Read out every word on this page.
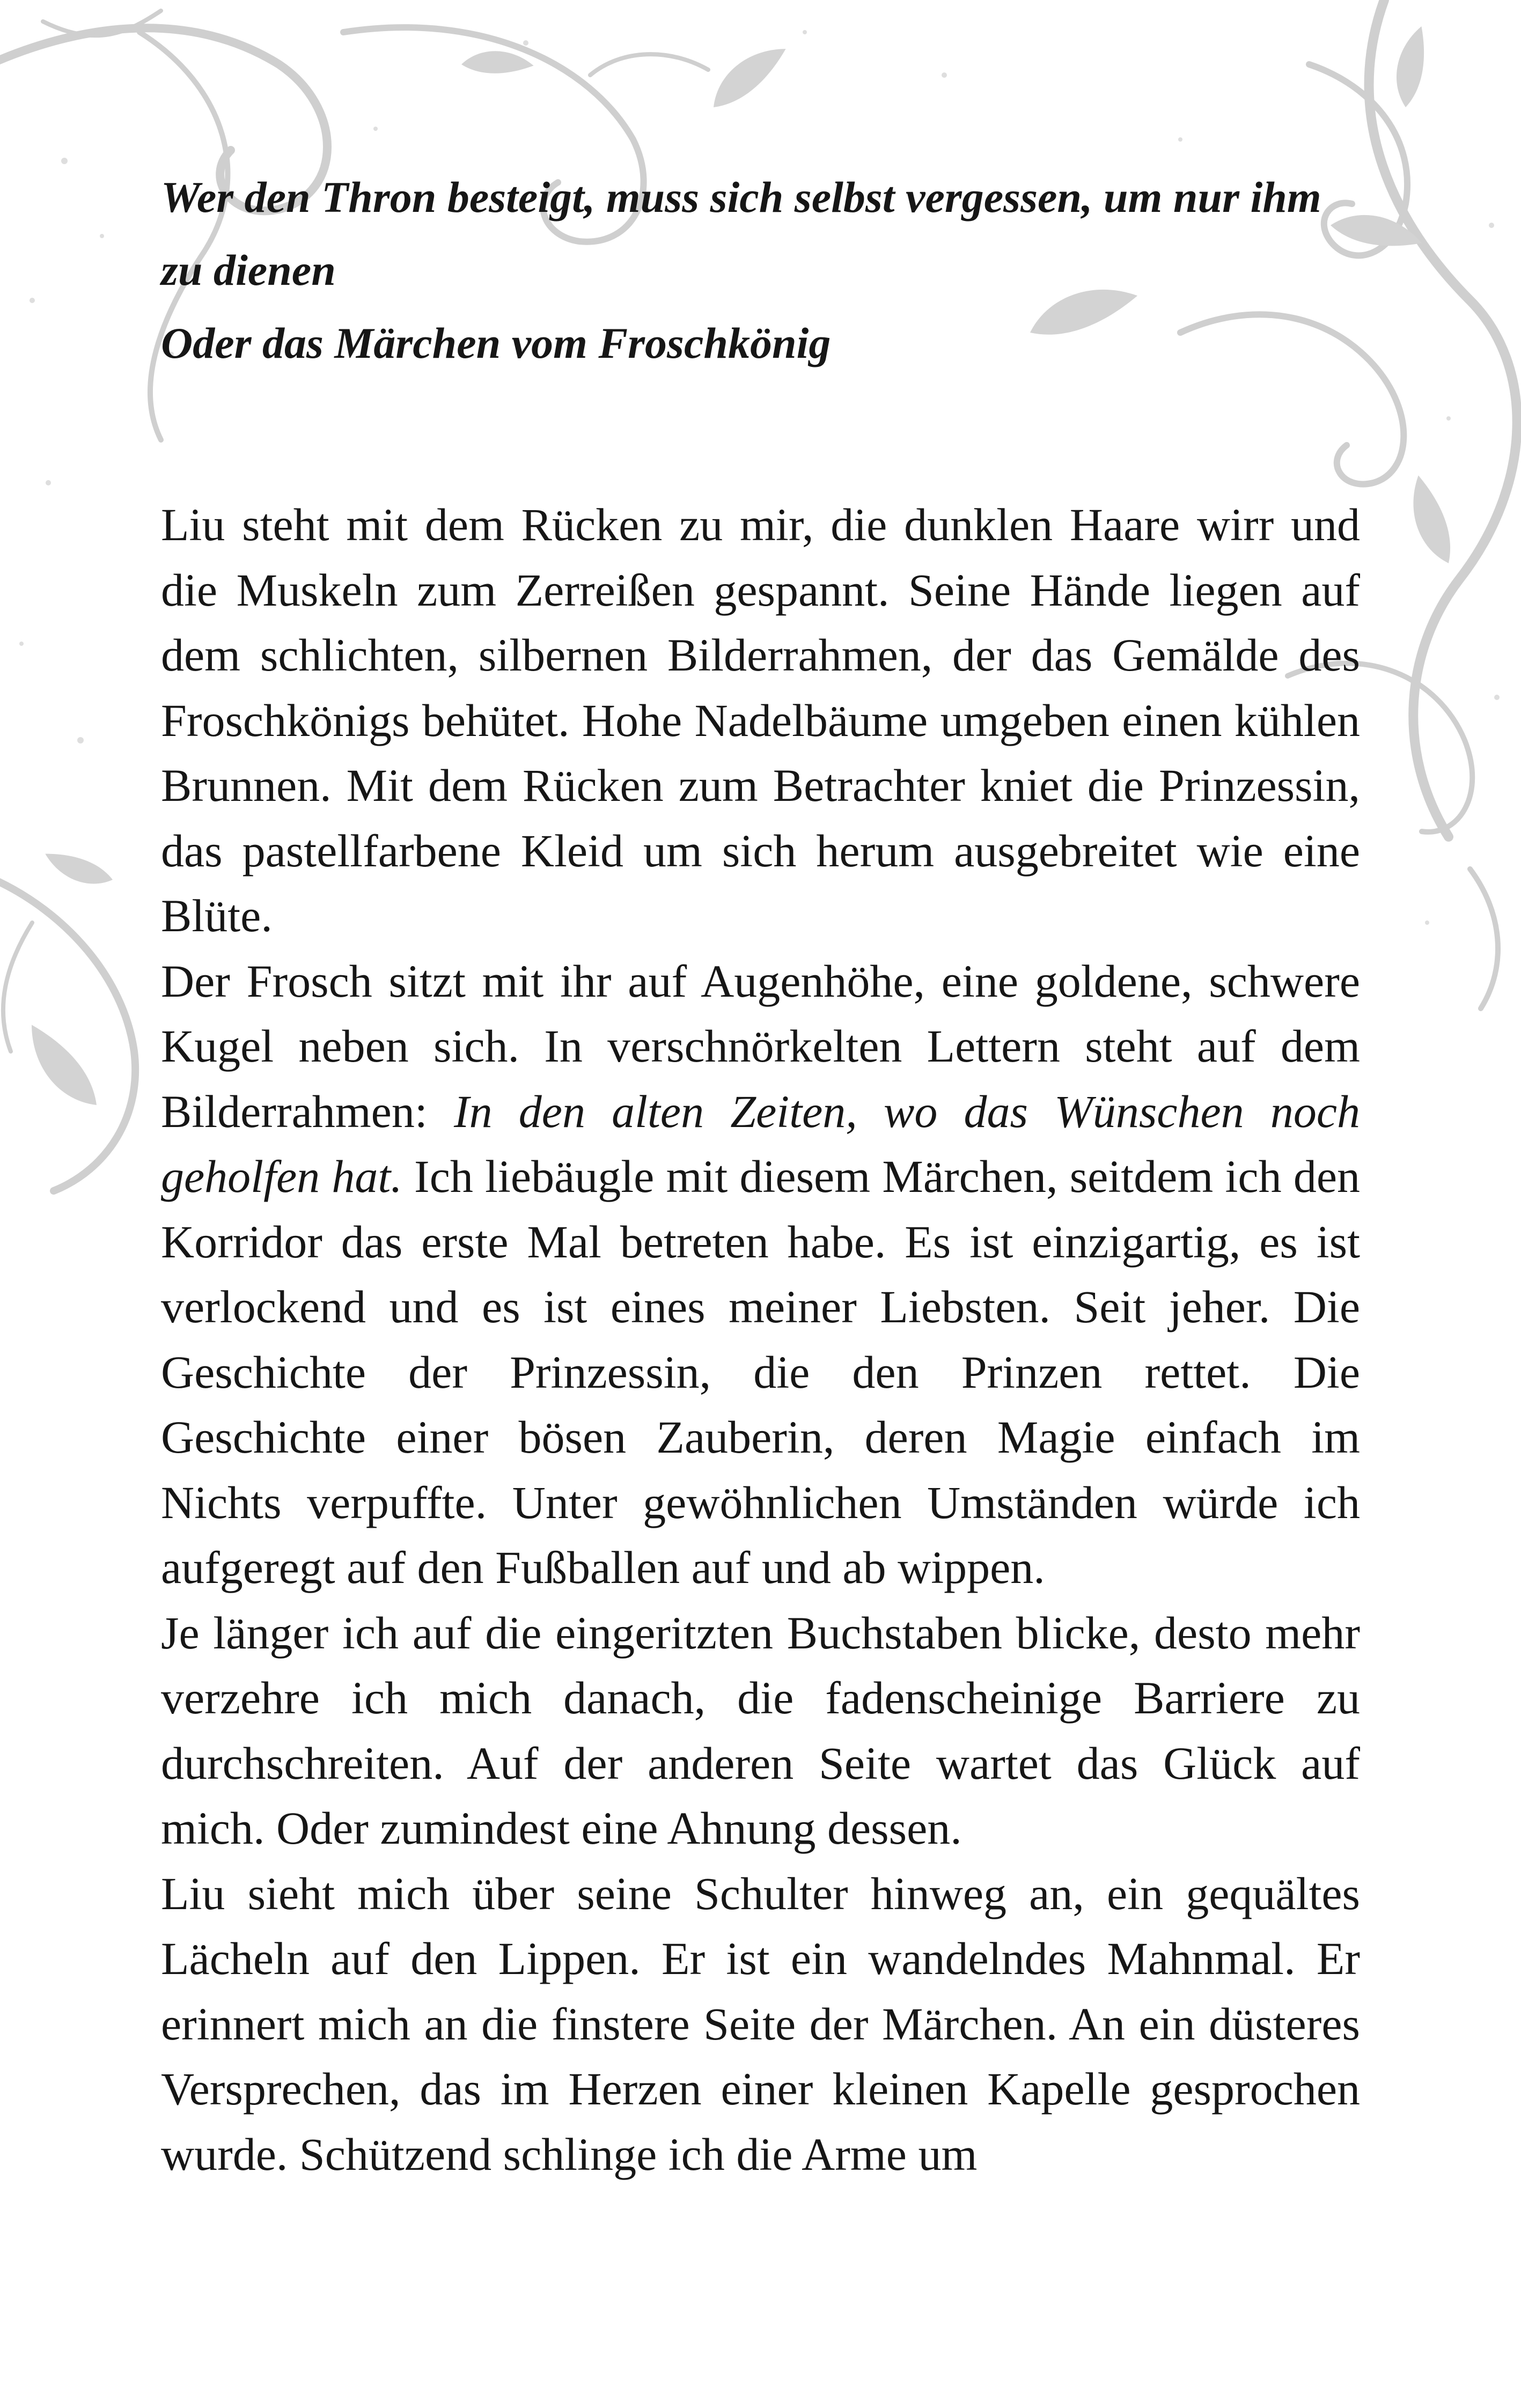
Wer den Thron besteigt, muss sich selbst vergessen, um nur ihm zu dienen
Oder das Märchen vom Froschkönig

Liu steht mit dem Rücken zu mir, die dunklen Haare wirr und die Muskeln zum Zerreißen gespannt. Seine Hände liegen auf dem schlichten, silbernen Bilderrahmen, der das Gemälde des Froschkönigs behütet. Hohe Nadelbäume umgeben einen kühlen Brunnen. Mit dem Rücken zum Betrachter kniet die Prinzessin, das pastellfarbene Kleid um sich herum ausgebreitet wie eine Blüte.

Der Frosch sitzt mit ihr auf Augenhöhe, eine goldene, schwere Kugel neben sich. In verschnörkelten Lettern steht auf dem Bilderrahmen: In den alten Zeiten, wo das Wünschen noch geholfen hat. Ich liebäugle mit diesem Märchen, seitdem ich den Korridor das erste Mal betreten habe. Es ist einzigartig, es ist verlockend und es ist eines meiner Liebsten. Seit jeher. Die Geschichte der Prinzessin, die den Prinzen rettet. Die Geschichte einer bösen Zauberin, deren Magie einfach im Nichts verpuffte. Unter gewöhnlichen Umständen würde ich aufgeregt auf den Fußballen auf und ab wippen.

Je länger ich auf die eingeritzten Buchstaben blicke, desto mehr verzehre ich mich danach, die fadenscheinige Barriere zu durchschreiten. Auf der anderen Seite wartet das Glück auf mich. Oder zumindest eine Ahnung dessen.

Liu sieht mich über seine Schulter hinweg an, ein gequältes Lächeln auf den Lippen. Er ist ein wandelndes Mahnmal. Er erinnert mich an die finstere Seite der Märchen. An ein düsteres Versprechen, das im Herzen einer kleinen Kapelle gesprochen wurde. Schützend schlinge ich die Arme um
